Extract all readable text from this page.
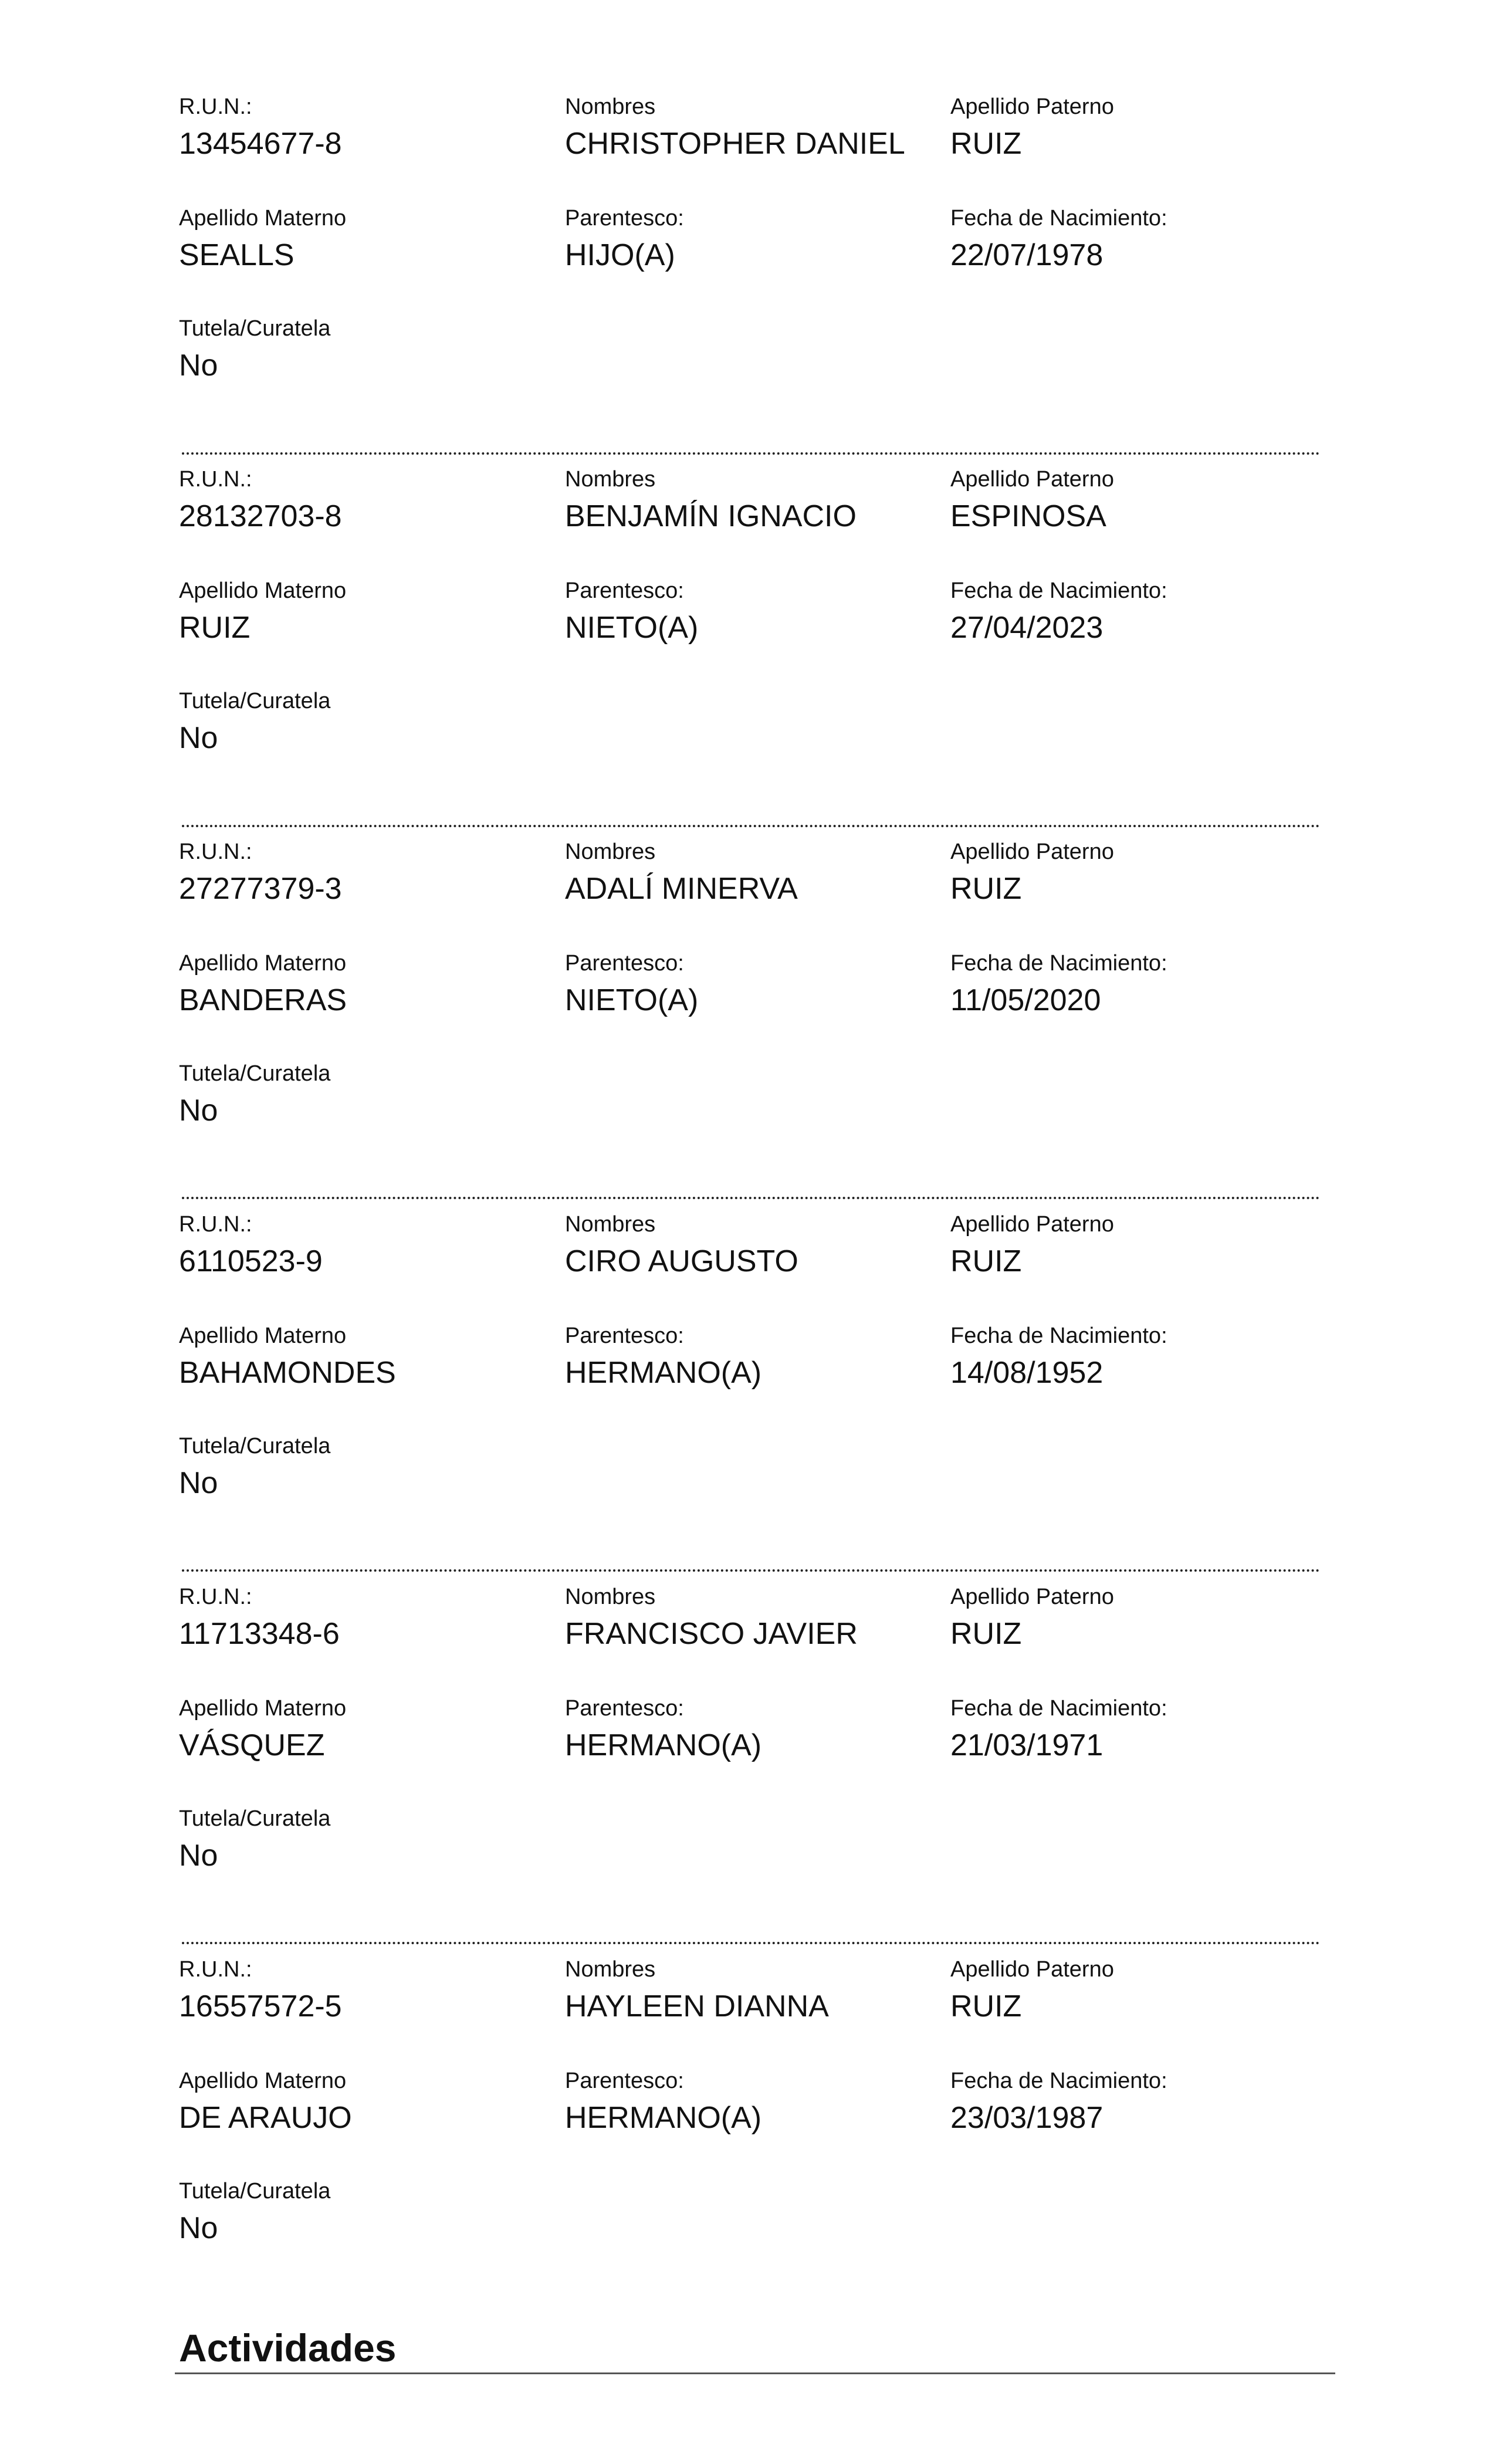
R.U.N.:
13454677-8
Nombres
CHRISTOPHER DANIEL
Apellido Paterno
RUIZ
Apellido Materno
SEALLS
Parentesco:
HIJO(A)
Fecha de Nacimiento:
22/07/1978
Tutela/Curatela
No
R.U.N.:
28132703-8
Nombres
BENJAMÍN IGNACIO
Apellido Paterno
ESPINOSA
Apellido Materno
RUIZ
Parentesco:
NIETO(A)
Fecha de Nacimiento:
27/04/2023
Tutela/Curatela
No
R.U.N.:
27277379-3
Nombres
ADALÍ MINERVA
Apellido Paterno
RUIZ
Apellido Materno
BANDERAS
Parentesco:
NIETO(A)
Fecha de Nacimiento:
11/05/2020
Tutela/Curatela
No
R.U.N.:
6110523-9
Nombres
CIRO AUGUSTO
Apellido Paterno
RUIZ
Apellido Materno
BAHAMONDES
Parentesco:
HERMANO(A)
Fecha de Nacimiento:
14/08/1952
Tutela/Curatela
No
R.U.N.:
11713348-6
Nombres
FRANCISCO JAVIER
Apellido Paterno
RUIZ
Apellido Materno
VÁSQUEZ
Parentesco:
HERMANO(A)
Fecha de Nacimiento:
21/03/1971
Tutela/Curatela
No
R.U.N.:
16557572-5
Nombres
HAYLEEN DIANNA
Apellido Paterno
RUIZ
Apellido Materno
DE ARAUJO
Parentesco:
HERMANO(A)
Fecha de Nacimiento:
23/03/1987
Tutela/Curatela
No
Actividades
